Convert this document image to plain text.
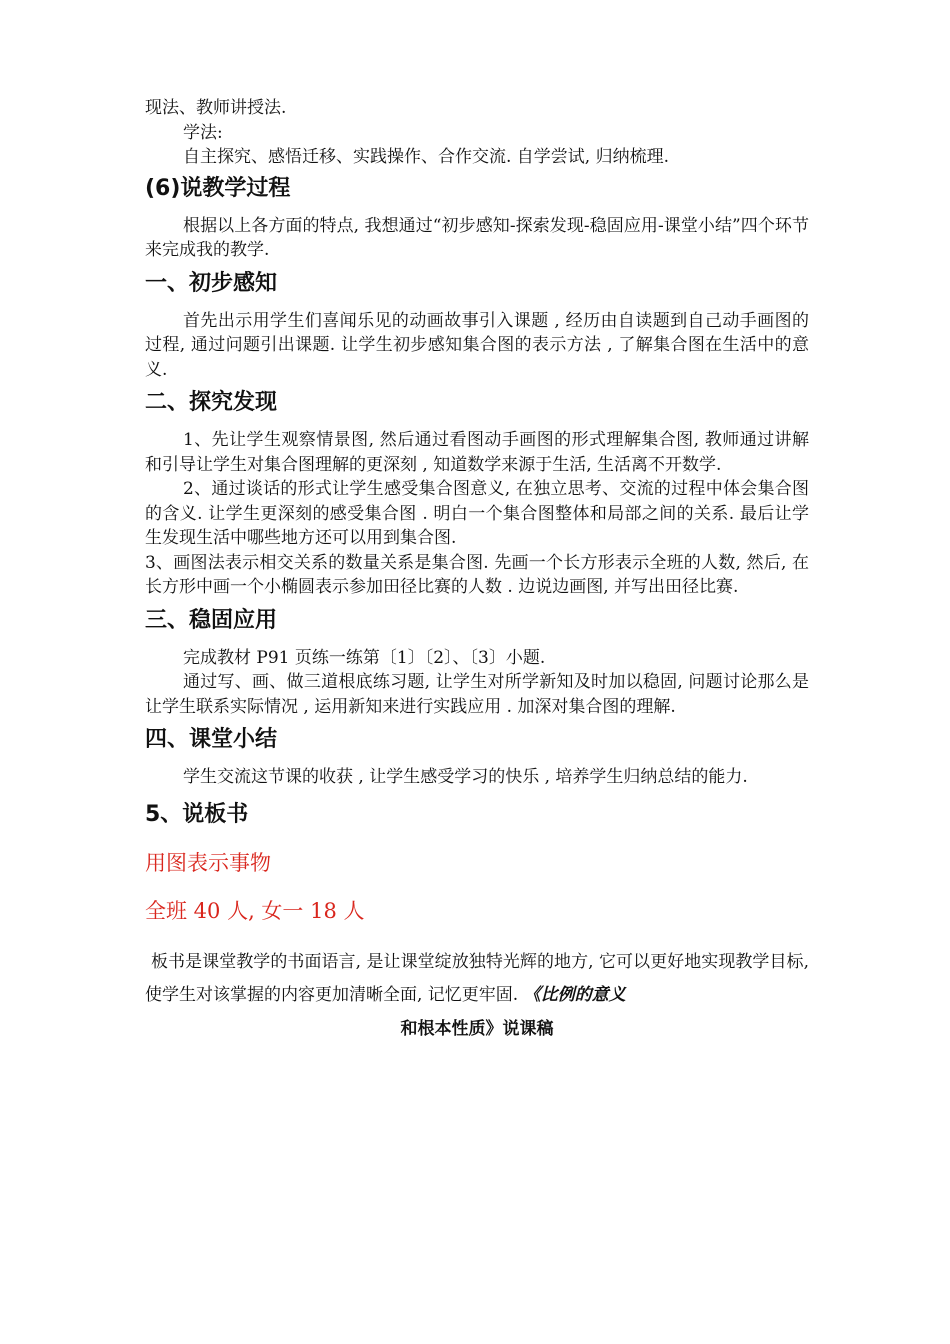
现法、教师讲授法.

学法:

自主探究、感悟迁移、实践操作、合作交流. 自学尝试, 归纳梳理.

(6)说教学过程

根据以上各方面的特点, 我想通过“初步感知-探索发现-稳固应用-课堂小结”四个环节来完成我的教学.

一、初步感知

首先出示用学生们喜闻乐见的动画故事引入课题 , 经历由自读题到自己动手画图的过程, 通过问题引出课题. 让学生初步感知集合图的表示方法 , 了解集合图在生活中的意义.

二、探究发现

1、先让学生观察情景图, 然后通过看图动手画图的形式理解集合图, 教师通过讲解和引导让学生对集合图理解的更深刻 , 知道数学来源于生活, 生活离不开数学.

2、通过谈话的形式让学生感受集合图意义, 在独立思考、交流的过程中体会集合图的含义. 让学生更深刻的感受集合图 . 明白一个集合图整体和局部之间的关系. 最后让学生发现生活中哪些地方还可以用到集合图.

3、画图法表示相交关系的数量关系是集合图. 先画一个长方形表示全班的人数, 然后, 在长方形中画一个小椭圆表示参加田径比赛的人数 . 边说边画图, 并写出田径比赛.

三、稳固应用

完成教材 P91 页练一练第〔1〕〔2〕、〔3〕小题.

通过写、画、做三道根底练习题, 让学生对所学新知及时加以稳固, 问题讨论那么是让学生联系实际情况 , 运用新知来进行实践应用 . 加深对集合图的理解.

四、课堂小结

学生交流这节课的收获 , 让学生感受学习的快乐 , 培养学生归纳总结的能力.

5、说板书

用图表示事物

全班 40 人, 女一 18 人

板书是课堂教学的书面语言, 是让课堂绽放独特光辉的地方, 它可以更好地实现教学目标, 使学生对该掌握的内容更加清晰全面, 记忆更牢固. 《比例的意义

和根本性质》说课稿
